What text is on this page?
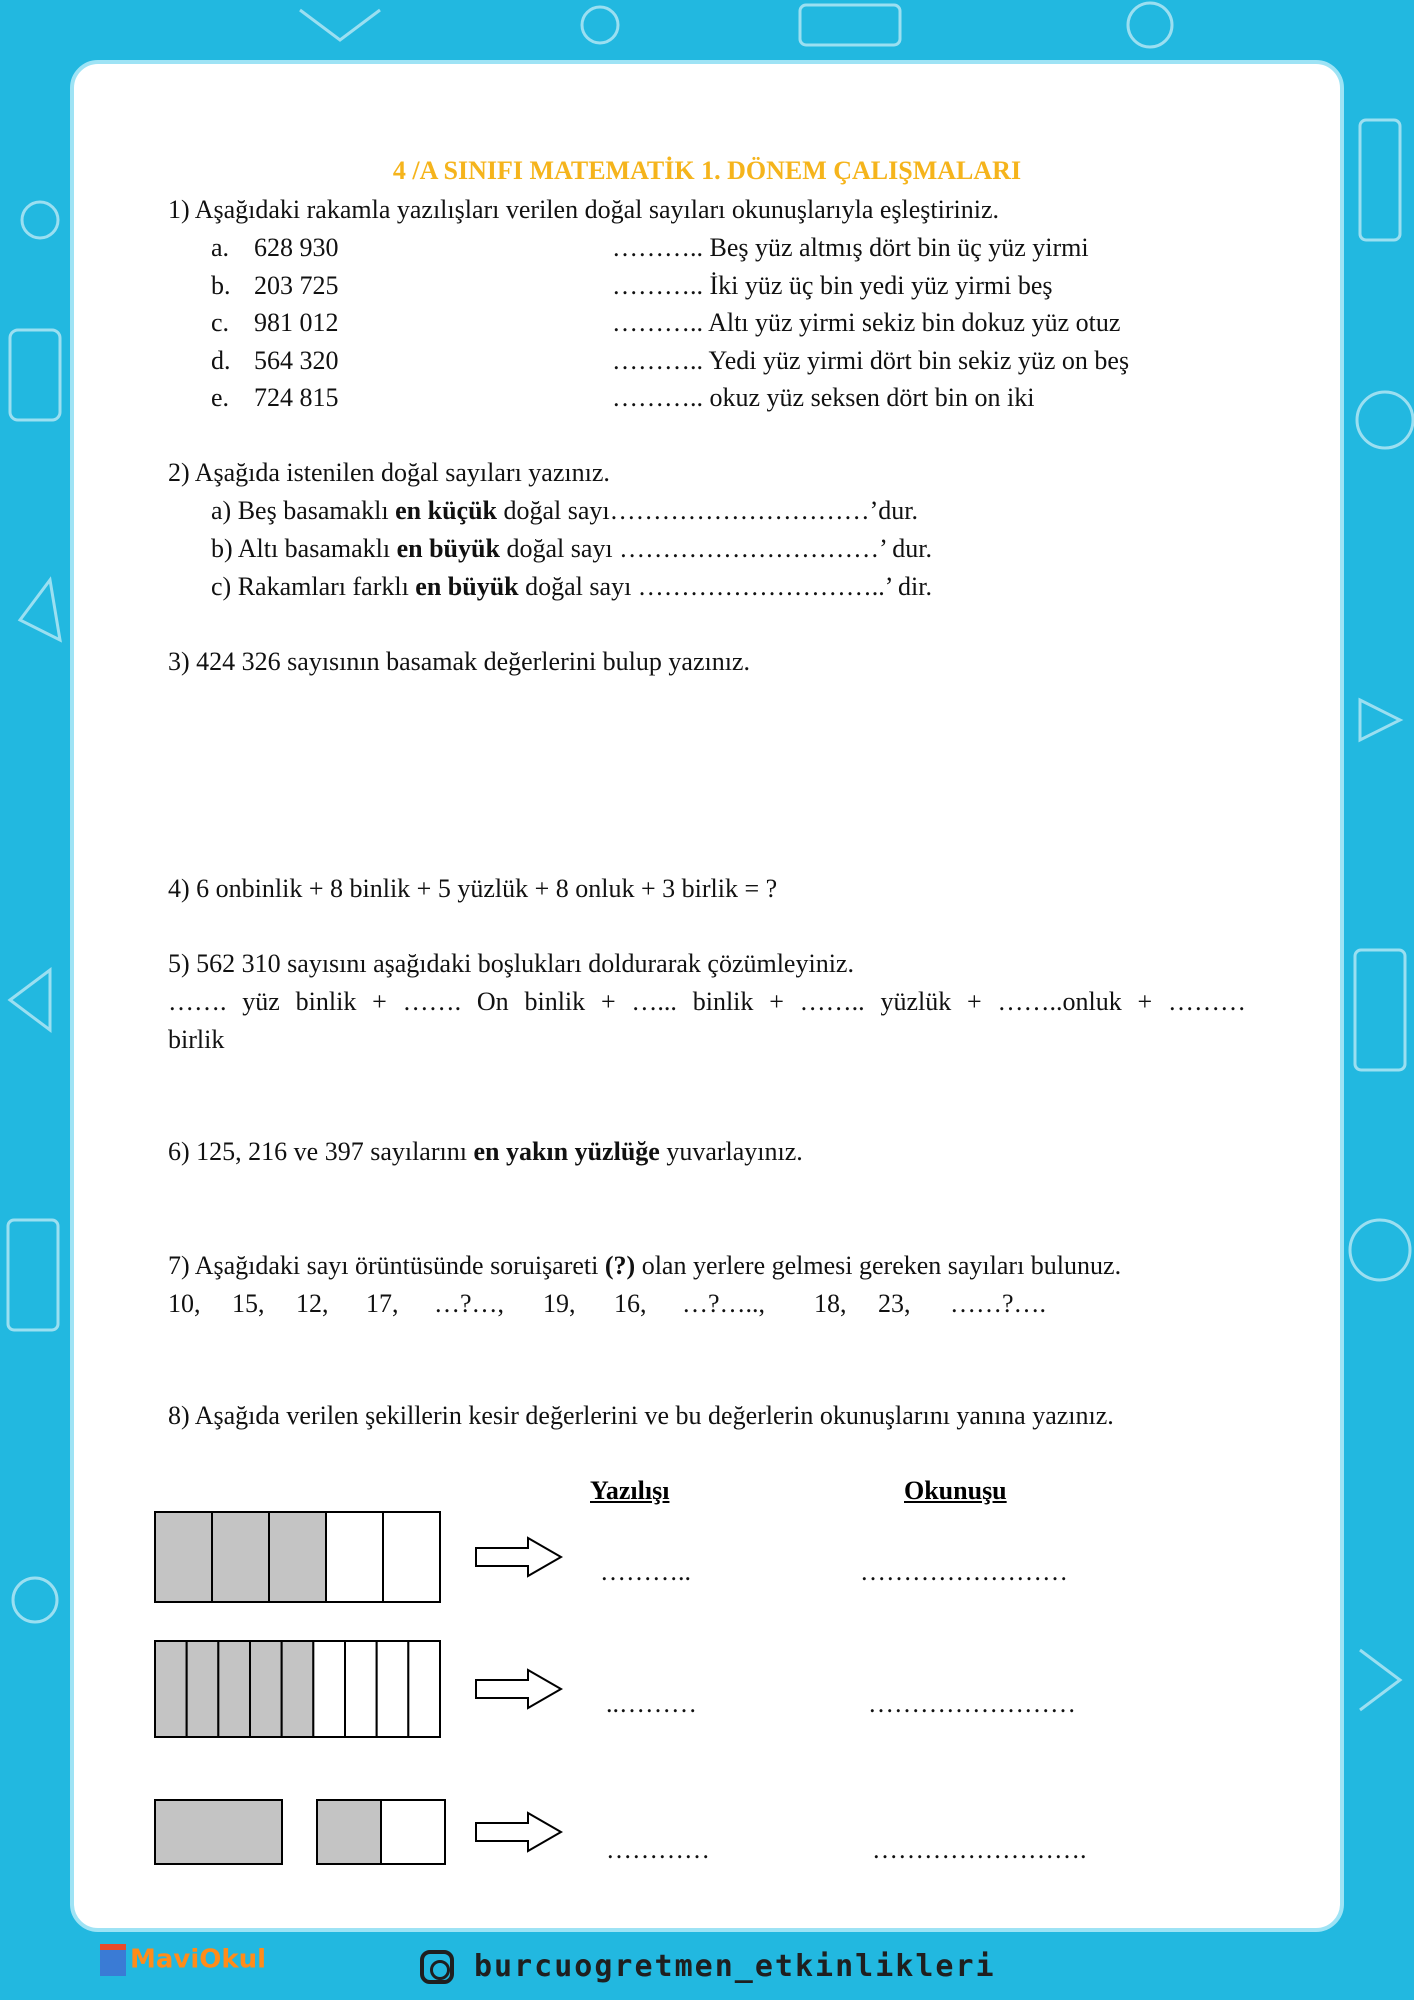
4 /A SINIFI MATEMATİK 1. DÖNEM ÇALIŞMALARI
1) Aşağıdaki rakamla yazılışları verilen doğal sayıları okunuşlarıyla eşleştiriniz.
a. 628 930	……….. Beş yüz altmış dört bin üç yüz yirmi
b. 203 725	……….. İki yüz üç bin yedi yüz yirmi beş
c. 981 012	……….. Altı yüz yirmi sekiz bin dokuz yüz otuz
d. 564 320	……….. Yedi yüz yirmi dört bin sekiz yüz on beş
e. 724 815	……….. okuz yüz seksen dört bin on iki
2) Aşağıda istenilen doğal sayıları yazınız.
a) Beş basamaklı en küçük doğal sayı…………………………’dur.
b) Altı basamaklı en büyük doğal sayı …………………………’ dur.
c) Rakamları farklı en büyük doğal sayı ………………………..’ dir.
3) 424 326 sayısının basamak değerlerini bulup yazınız.
4) 6 onbinlik + 8 binlik + 5 yüzlük + 8 onluk + 3 birlik = ?
5) 562 310 sayısını aşağıdaki boşlukları doldurarak çözümleyiniz.
……. yüz binlik + ……. On binlik + …... binlik + …….. yüzlük + ……..onluk + ………
birlik
6) 125, 216 ve 397 sayılarını en yakın yüzlüğe yuvarlayınız.
7) Aşağıdaki sayı örüntüsünde soruişareti (?) olan yerlere gelmesi gereken sayıları bulunuz.
10, 15, 12, 17, …?…, 19, 16, …?….., 18, 23, ……?….
8) Aşağıda verilen şekillerin kesir değerlerini ve bu değerlerin okunuşlarını yanına yazınız.
Yazılışı	Okunuşu
………..	……………………
..………	……………………
…………	…………………….
MaviOkul	burcuogretmen_etkinlikleri
